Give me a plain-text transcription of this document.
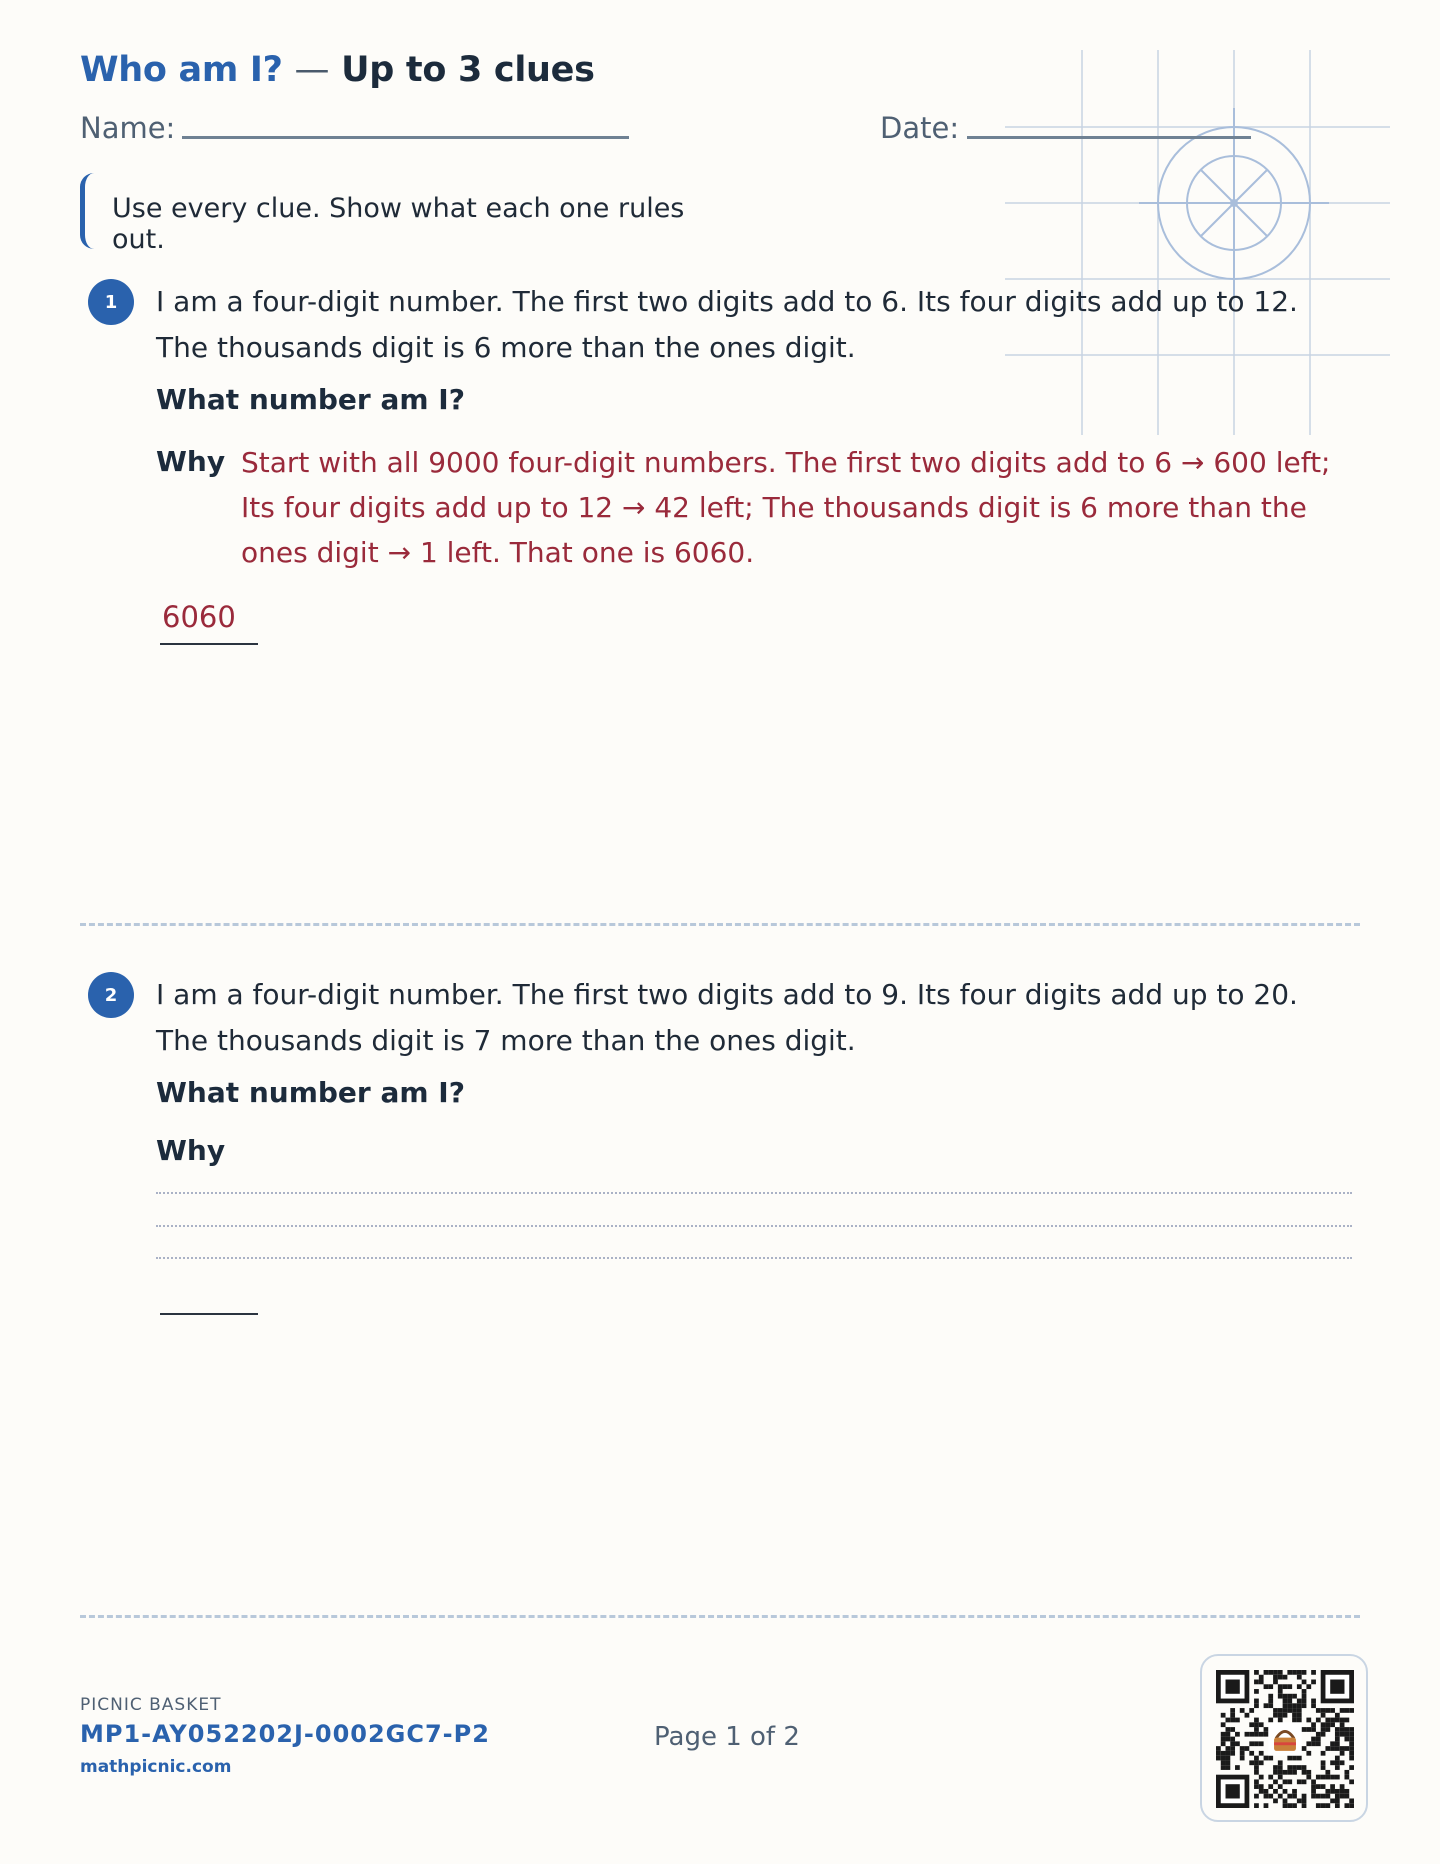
Who am I? — Up to 3 clues
Name:	Date:
Use every clue. Show what each one rules out.
1	I am a four-digit number. The first two digits add to 6. Its four digits add up to 12. The thousands digit is 6 more than the ones digit.
What number am I?
Why Start with all 9000 four-digit numbers. The first two digits add to 6 → 600 left; Its four digits add up to 12 → 42 left; The thousands digit is 6 more than the ones digit → 1 left. That one is 6060.
6060
2	I am a four-digit number. The first two digits add to 9. Its four digits add up to 20. The thousands digit is 7 more than the ones digit.
What number am I?
Why
PICNIC BASKET
MP1-AY052202J-0002GC7-P2
mathpicnic.com
Page 1 of 2
